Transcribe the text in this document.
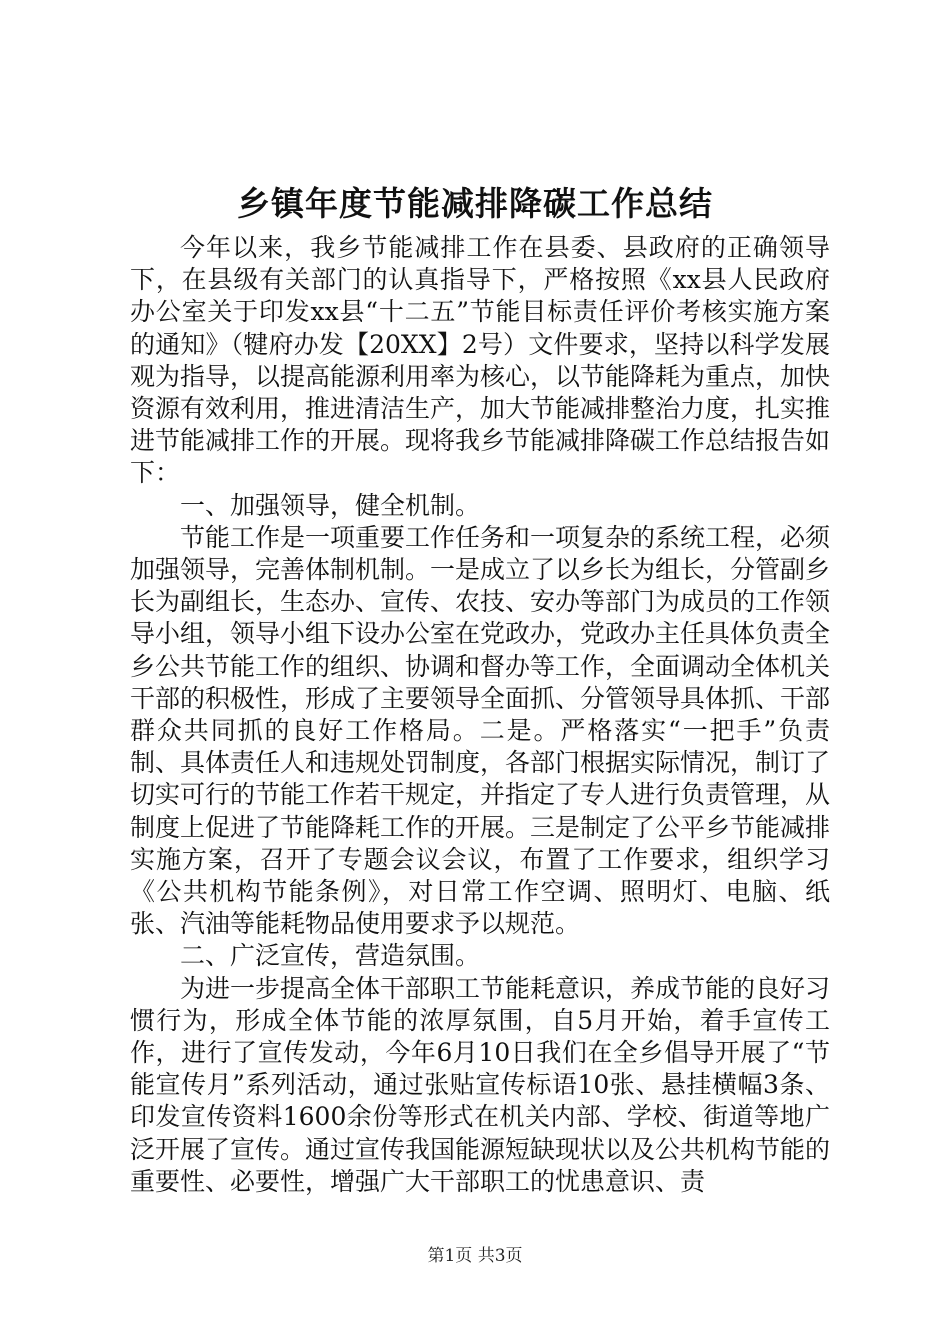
乡镇年度节能减排降碳工作总结

今年以来，我乡节能减排工作在县委、县政府的正确领导下，在县级有关部门的认真指导下，严格按照《xx县人民政府办公室关于印发xx县“十二五”节能目标责任评价考核实施方案的通知》（犍府办发【20XX】2号）文件要求，坚持以科学发展观为指导，以提高能源利用率为核心，以节能降耗为重点，加快资源有效利用，推进清洁生产，加大节能减排整治力度，扎实推进节能减排工作的开展。现将我乡节能减排降碳工作总结报告如下：

一、加强领导，健全机制。

节能工作是一项重要工作任务和一项复杂的系统工程，必须加强领导，完善体制机制。一是成立了以乡长为组长，分管副乡长为副组长，生态办、宣传、农技、安办等部门为成员的工作领导小组，领导小组下设办公室在党政办，党政办主任具体负责全乡公共节能工作的组织、协调和督办等工作，全面调动全体机关干部的积极性，形成了主要领导全面抓、分管领导具体抓、干部群众共同抓的良好工作格局。二是。严格落实“一把手”负责制、具体责任人和违规处罚制度，各部门根据实际情况，制订了切实可行的节能工作若干规定，并指定了专人进行负责管理，从制度上促进了节能降耗工作的开展。三是制定了公平乡节能减排实施方案，召开了专题会议会议，布置了工作要求，组织学习《公共机构节能条例》，对日常工作空调、照明灯、电脑、纸张、汽油等能耗物品使用要求予以规范。

二、广泛宣传，营造氛围。

为进一步提高全体干部职工节能耗意识，养成节能的良好习惯行为，形成全体节能的浓厚氛围，自5月开始，着手宣传工作，进行了宣传发动，今年6月10日我们在全乡倡导开展了“节能宣传月”系列活动，通过张贴宣传标语10张、悬挂横幅3条、印发宣传资料1600余份等形式在机关内部、学校、街道等地广泛开展了宣传。通过宣传我国能源短缺现状以及公共机构节能的重要性、必要性，增强广大干部职工的忧患意识、责

第1页 共3页
